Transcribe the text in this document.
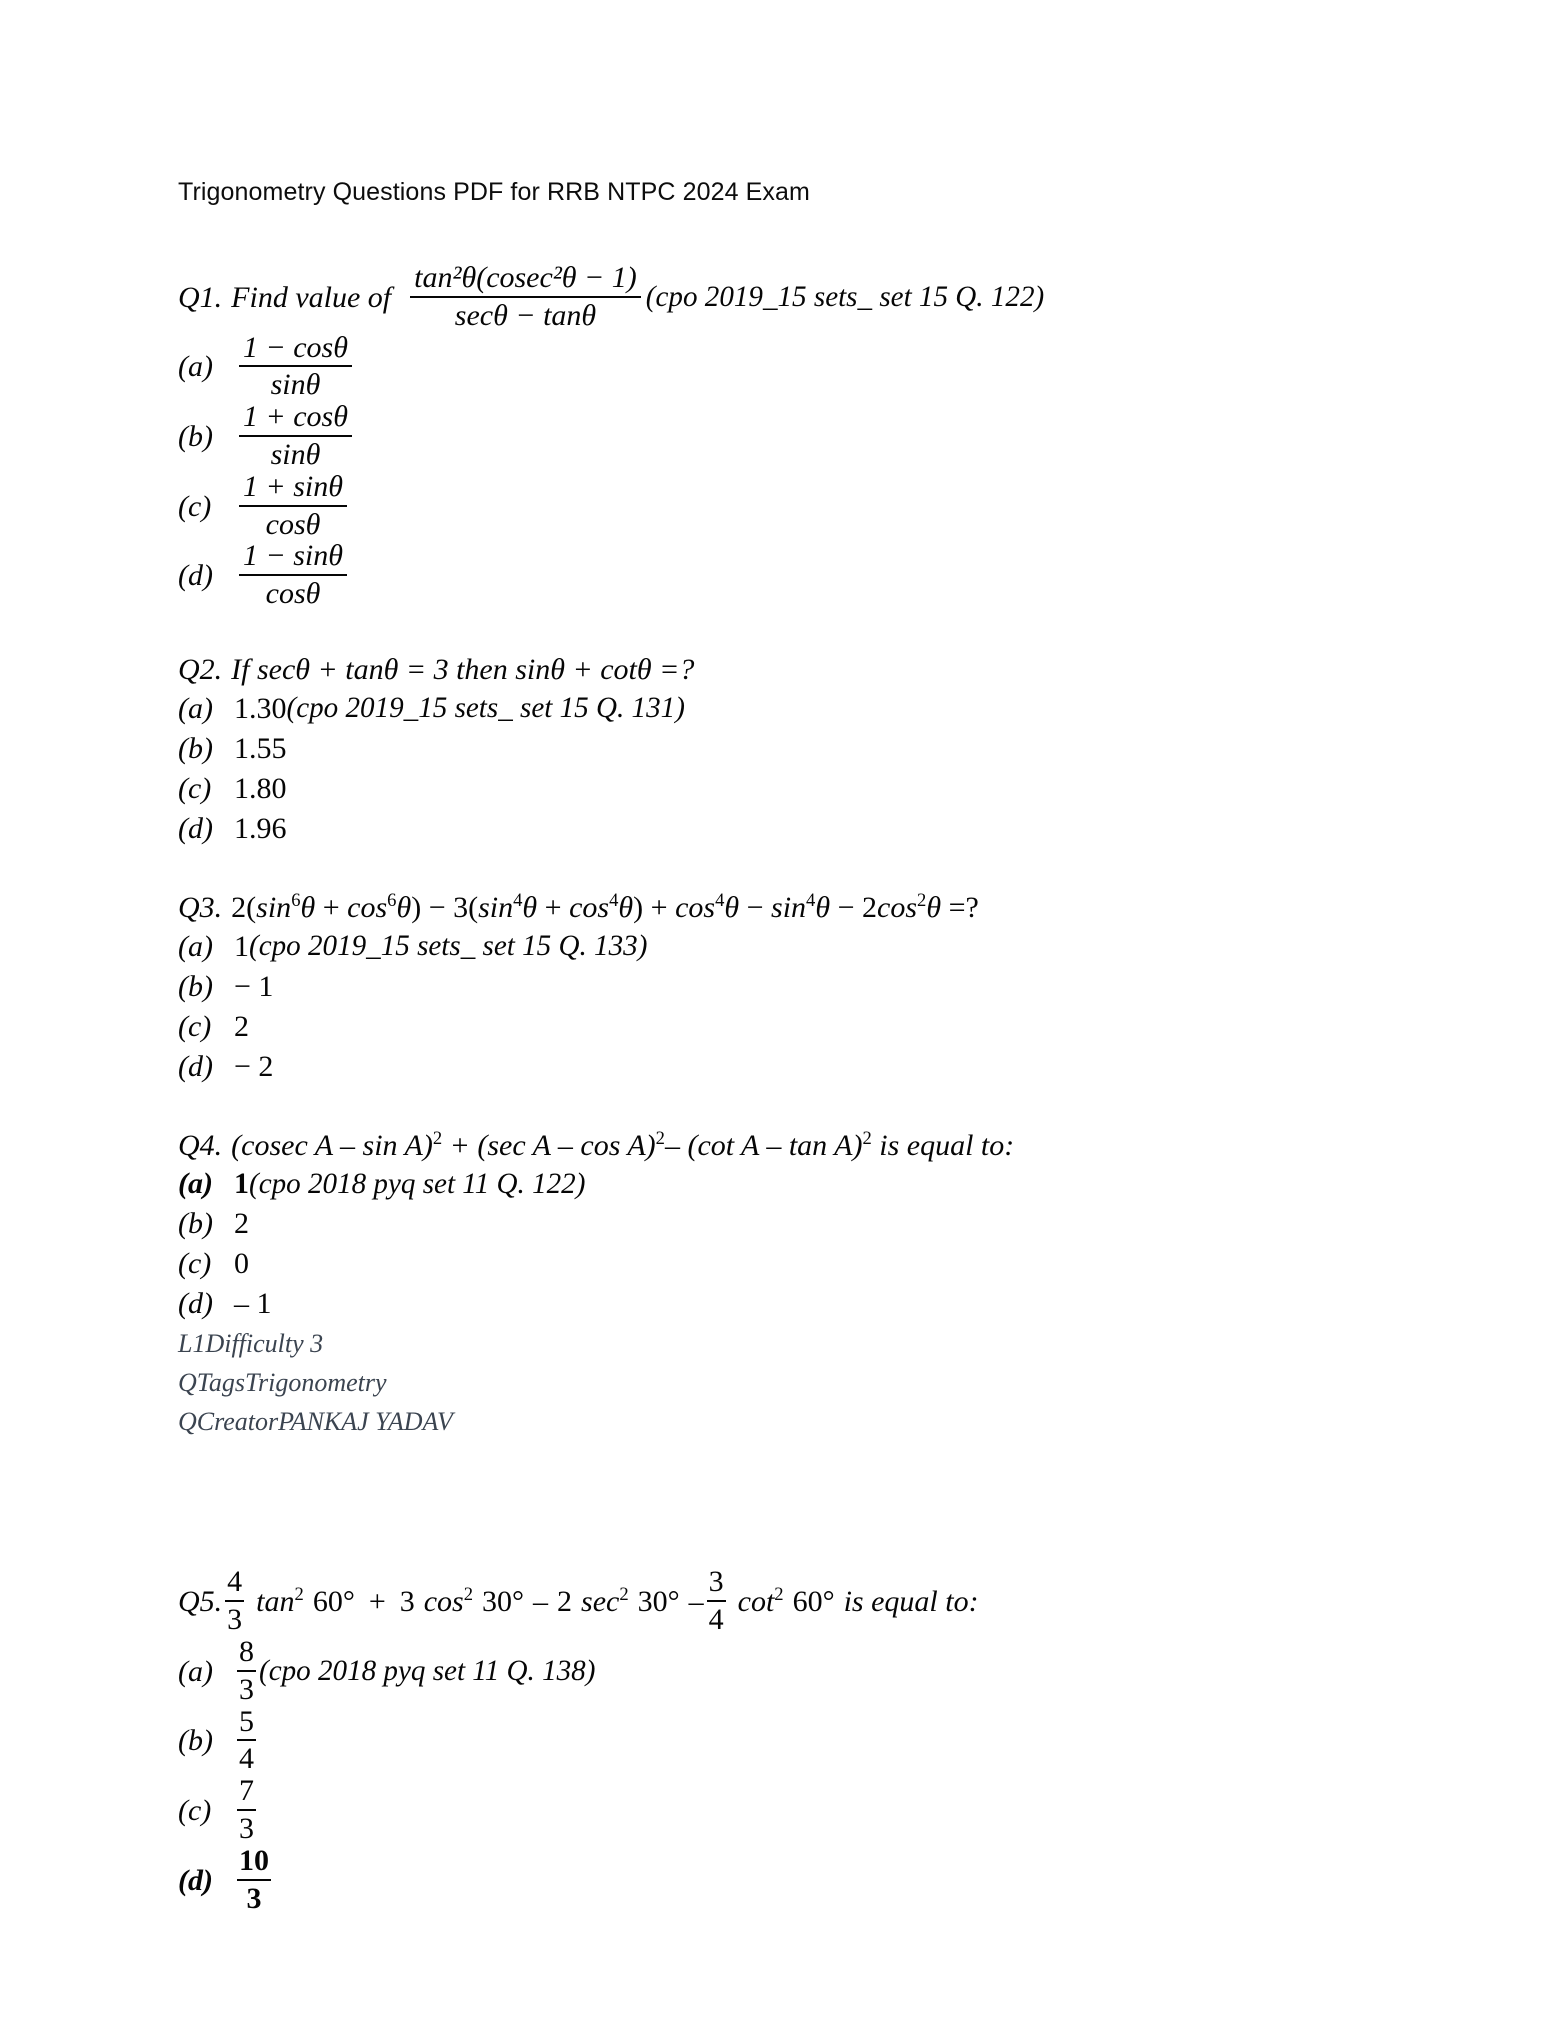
Trigonometry Questions PDF for RRB NTPC 2024 Exam
Q1. Find value of $\frac{\text{tan²θ(cosec²θ − 1)}}{\sec\theta - \tan\theta} (cpo$ 2019_15 sets_ set 15 Q. 122)
$(a) \frac{1 - \cos\theta}{\sin\theta}$
$(b) \frac{1 + \cos\theta}{\sin\theta}$
$(c) \frac{1 + \sin\theta}{\cos\theta}$
$(d) \frac{1 - \sin\theta}{\cos\theta}$
Q2. If secθ + tanθ = 3 then sinθ + cotθ =?
(a) 1.30 (cpo 2019_15 sets_ set 15 Q. 131)
(b) 1.55
(c) 1.80
(d) 1.96
Q3. $2(\sin^6\theta + \cos^6\theta) - 3(\sin^4\theta + \cos^4\theta) + \cos^4\theta - \sin^4\theta - 2\cos^2\theta$ =?
(a) 1 (cpo 2019_15 sets_ set 15 Q. 133)
(b) − 1
(c) 2
(d) − 2
Q4. (cosec A – sin A)$^2$ + (sec A – cos A)$^2$– (cot A – tan A)$^2$ is equal to:
(a) 1 (cpo 2018 pyq set 11 Q. 122)
(b) 2
(c) 0
(d) – 1
L1Difficulty 3
QTagsTrigonometry
QCreatorPANKAJ YADAV
Q5. $\frac{4}{3} \tan^2 60^\circ + 3$ $\cos^2 30^\circ - 2$ $\sec^2 30^\circ - \frac{3}{4} \cot^2 60^\circ$ is equal to:
$(a) \frac{8}{3} (cpo$ 2018 pyq set 11 Q. 138)
$(b) \frac{5}{4}$
$(c) \frac{7}{3}$
$(d) \frac{10}{3}$
